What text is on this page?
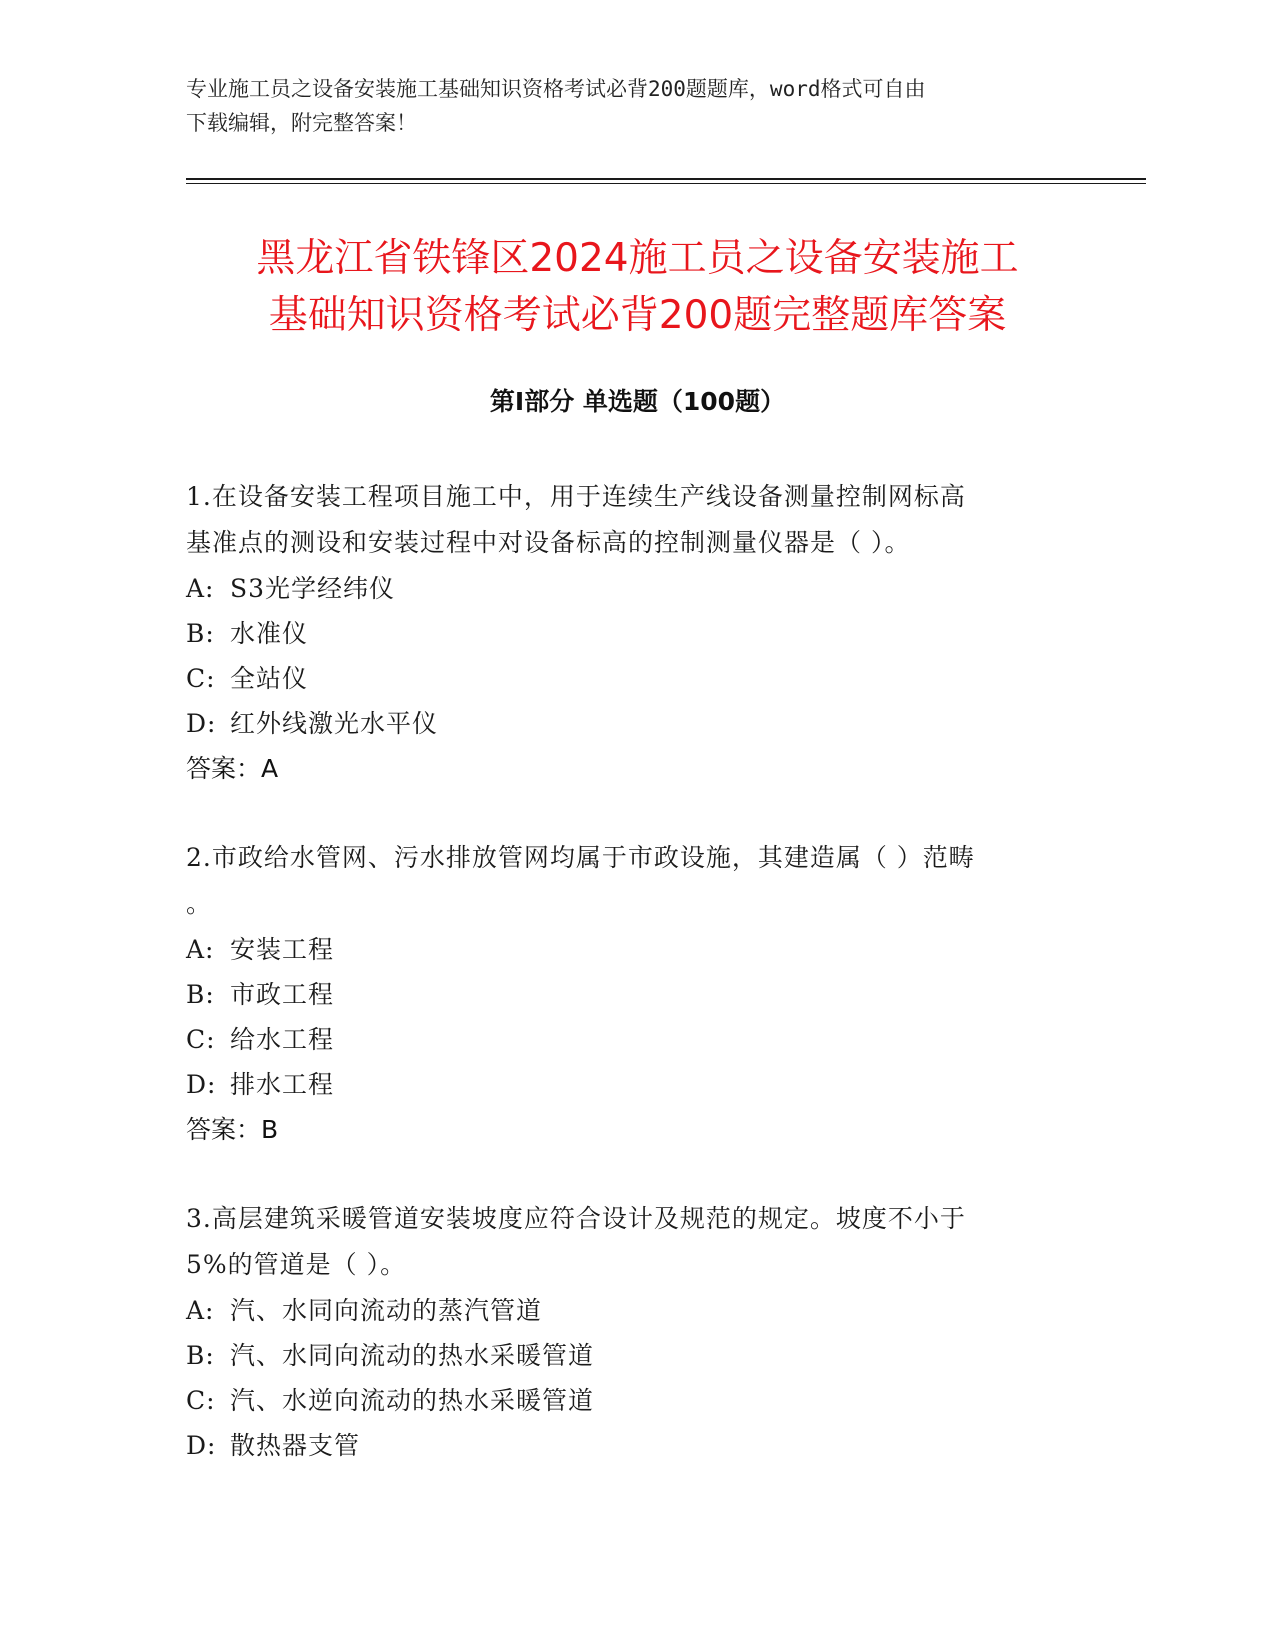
专业施工员之设备安装施工基础知识资格考试必背200题题库，word格式可自由
下载编辑，附完整答案！
黑龙江省铁锋区2024施工员之设备安装施工
基础知识资格考试必背200题完整题库答案
第Ⅰ部分 单选题（100题）
1.在设备安装工程项目施工中，用于连续生产线设备测量控制网标高
基准点的测设和安装过程中对设备标高的控制测量仪器是（ ）。
A: S3光学经纬仪
B: 水准仪
C: 全站仪
D: 红外线激光水平仪
答案：A
2.市政给水管网、污水排放管网均属于市政设施，其建造属（ ）范畴
。
A: 安装工程
B: 市政工程
C: 给水工程
D: 排水工程
答案：B
3.高层建筑采暖管道安装坡度应符合设计及规范的规定。坡度不小于
5%的管道是（ ）。
A: 汽、水同向流动的蒸汽管道
B: 汽、水同向流动的热水采暖管道
C: 汽、水逆向流动的热水采暖管道
D: 散热器支管
